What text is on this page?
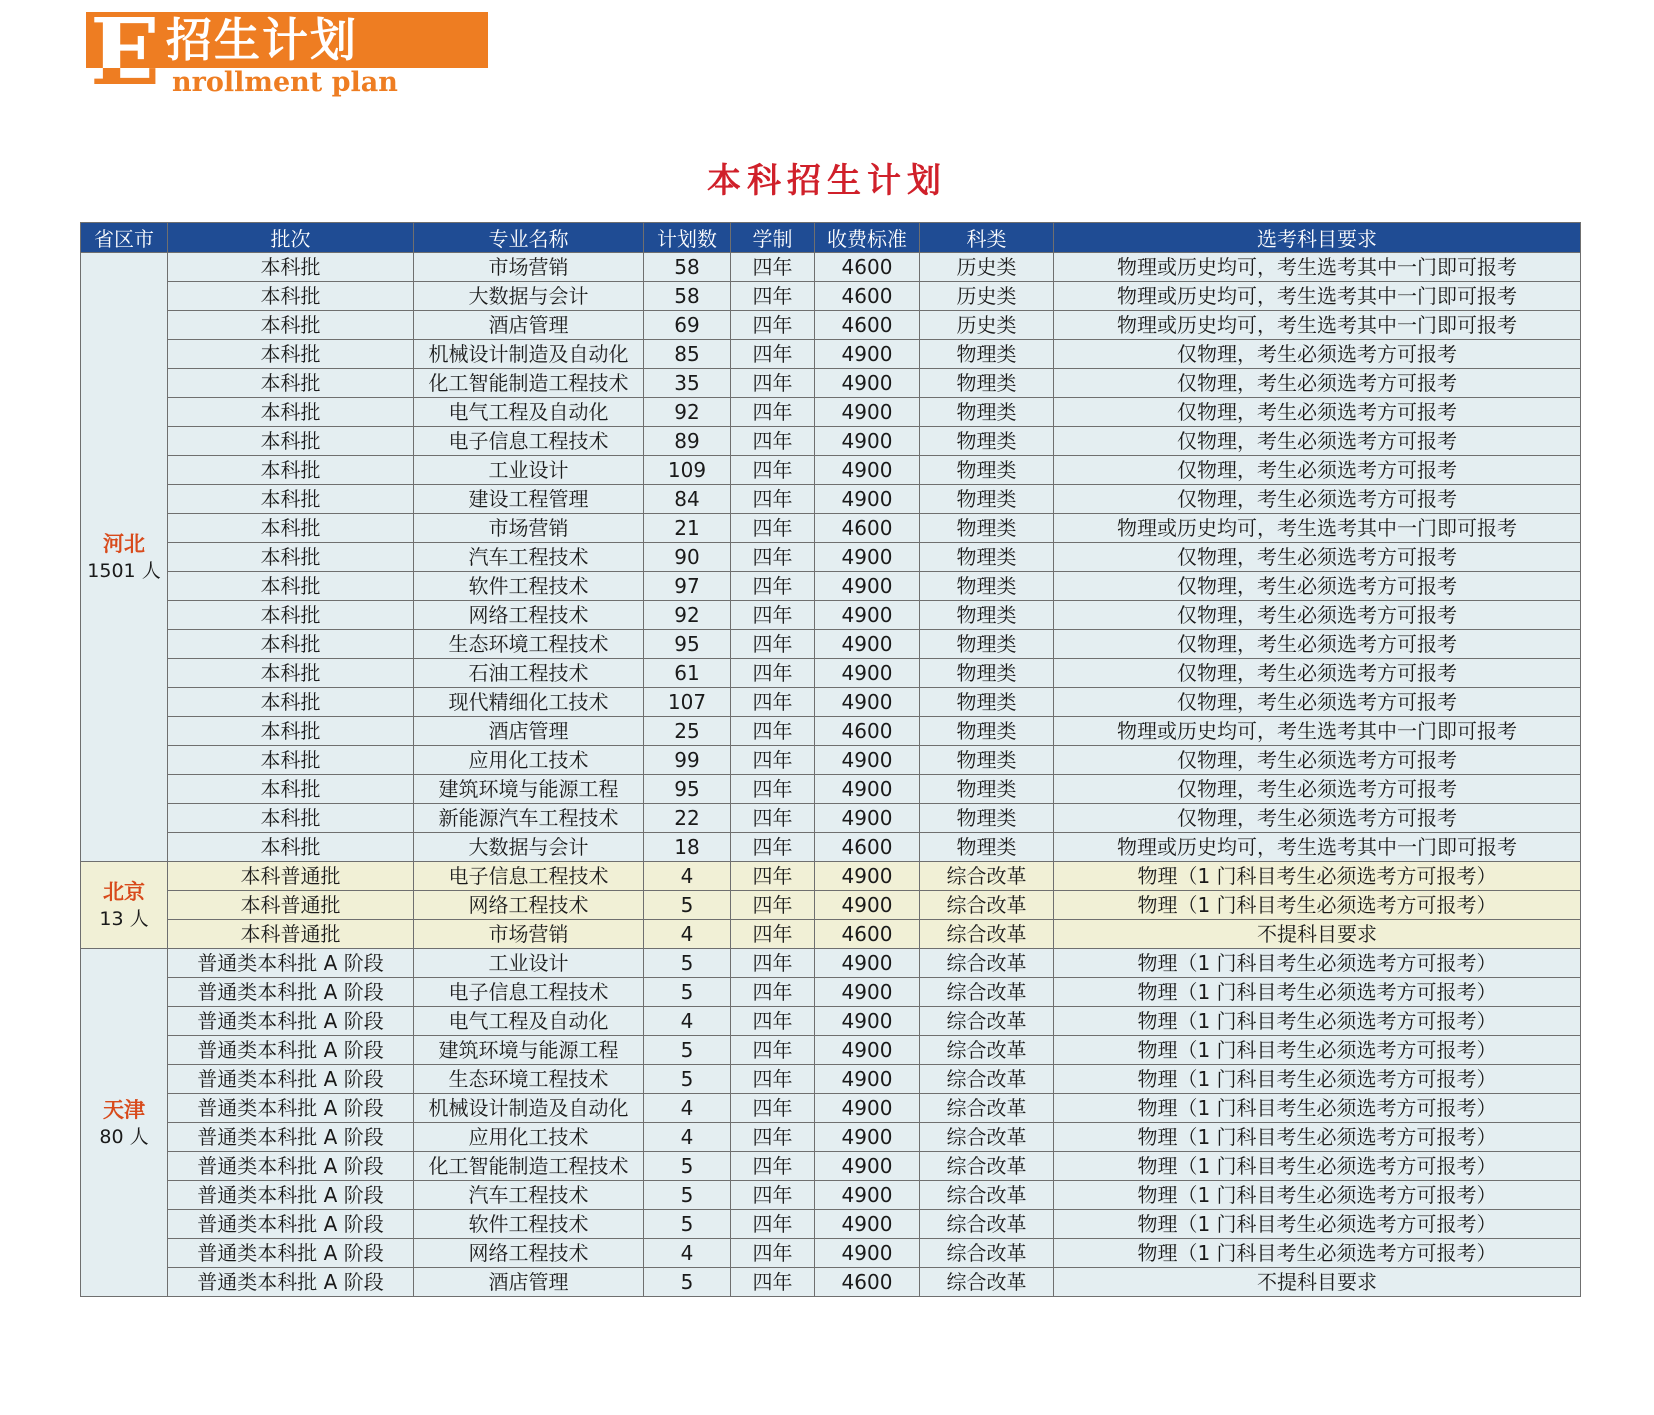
E 招生计划
nrollment plan
本科招生计划
省区市	批次	专业名称	计划数	学制	收费标准	科类	选考科目要求

河北
1501 人	本科批	市场营销	58	四年	4600	历史类	物理或历史均可，考生选考其中一门即可报考
	本科批	大数据与会计	58	四年	4600	历史类	物理或历史均可，考生选考其中一门即可报考
	本科批	酒店管理	69	四年	4600	历史类	物理或历史均可，考生选考其中一门即可报考
	本科批	机械设计制造及自动化	85	四年	4900	物理类	仅物理，考生必须选考方可报考
	本科批	化工智能制造工程技术	35	四年	4900	物理类	仅物理，考生必须选考方可报考
	本科批	电气工程及自动化	92	四年	4900	物理类	仅物理，考生必须选考方可报考
	本科批	电子信息工程技术	89	四年	4900	物理类	仅物理，考生必须选考方可报考
	本科批	工业设计	109	四年	4900	物理类	仅物理，考生必须选考方可报考
	本科批	建设工程管理	84	四年	4900	物理类	仅物理，考生必须选考方可报考
	本科批	市场营销	21	四年	4600	物理类	物理或历史均可，考生选考其中一门即可报考
	本科批	汽车工程技术	90	四年	4900	物理类	仅物理，考生必须选考方可报考
	本科批	软件工程技术	97	四年	4900	物理类	仅物理，考生必须选考方可报考
	本科批	网络工程技术	92	四年	4900	物理类	仅物理，考生必须选考方可报考
	本科批	生态环境工程技术	95	四年	4900	物理类	仅物理，考生必须选考方可报考
	本科批	石油工程技术	61	四年	4900	物理类	仅物理，考生必须选考方可报考
	本科批	现代精细化工技术	107	四年	4900	物理类	仅物理，考生必须选考方可报考
	本科批	酒店管理	25	四年	4600	物理类	物理或历史均可，考生选考其中一门即可报考
	本科批	应用化工技术	99	四年	4900	物理类	仅物理，考生必须选考方可报考
	本科批	建筑环境与能源工程	95	四年	4900	物理类	仅物理，考生必须选考方可报考
	本科批	新能源汽车工程技术	22	四年	4900	物理类	仅物理，考生必须选考方可报考
	本科批	大数据与会计	18	四年	4600	物理类	物理或历史均可，考生选考其中一门即可报考

北京
13 人	本科普通批	电子信息工程技术	4	四年	4900	综合改革	物理（1 门科目考生必须选考方可报考）
	本科普通批	网络工程技术	5	四年	4900	综合改革	物理（1 门科目考生必须选考方可报考）
	本科普通批	市场营销	4	四年	4600	综合改革	不提科目要求

天津
80 人	普通类本科批 A 阶段	工业设计	5	四年	4900	综合改革	物理（1 门科目考生必须选考方可报考）
	普通类本科批 A 阶段	电子信息工程技术	5	四年	4900	综合改革	物理（1 门科目考生必须选考方可报考）
	普通类本科批 A 阶段	电气工程及自动化	4	四年	4900	综合改革	物理（1 门科目考生必须选考方可报考）
	普通类本科批 A 阶段	建筑环境与能源工程	5	四年	4900	综合改革	物理（1 门科目考生必须选考方可报考）
	普通类本科批 A 阶段	生态环境工程技术	5	四年	4900	综合改革	物理（1 门科目考生必须选考方可报考）
	普通类本科批 A 阶段	机械设计制造及自动化	4	四年	4900	综合改革	物理（1 门科目考生必须选考方可报考）
	普通类本科批 A 阶段	应用化工技术	4	四年	4900	综合改革	物理（1 门科目考生必须选考方可报考）
	普通类本科批 A 阶段	化工智能制造工程技术	5	四年	4900	综合改革	物理（1 门科目考生必须选考方可报考）
	普通类本科批 A 阶段	汽车工程技术	5	四年	4900	综合改革	物理（1 门科目考生必须选考方可报考）
	普通类本科批 A 阶段	软件工程技术	5	四年	4900	综合改革	物理（1 门科目考生必须选考方可报考）
	普通类本科批 A 阶段	网络工程技术	4	四年	4900	综合改革	物理（1 门科目考生必须选考方可报考）
	普通类本科批 A 阶段	酒店管理	5	四年	4600	综合改革	不提科目要求
